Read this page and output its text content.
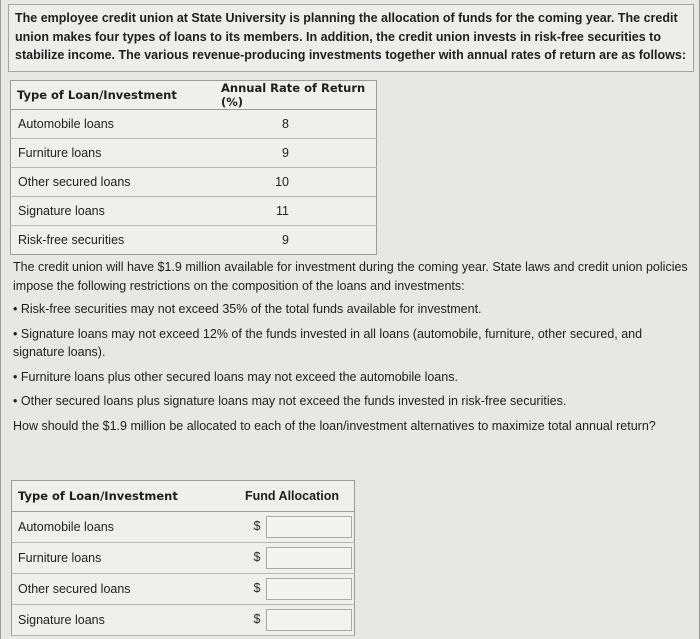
The employee credit union at State University is planning the allocation of funds for the coming year. The credit union makes four types of loans to its members. In addition, the credit union invests in risk-free securities to stabilize income. The various revenue-producing investments together with annual rates of return are as follows:
Type of Loan/Investment	Annual Rate of Return (%)
Automobile loans	8
Furniture loans	9
Other secured loans	10
Signature loans	11
Risk-free securities	9

The credit union will have $1.9 million available for investment during the coming year. State laws and credit union policies impose the following restrictions on the composition of the loans and investments:

• Risk-free securities may not exceed 35% of the total funds available for investment.

• Signature loans may not exceed 12% of the funds invested in all loans (automobile, furniture, other secured, and signature loans).

• Furniture loans plus other secured loans may not exceed the automobile loans.

• Other secured loans plus signature loans may not exceed the funds invested in risk-free securities.

How should the $1.9 million be allocated to each of the loan/investment alternatives to maximize total annual return?

Type of Loan/Investment	Fund Allocation
Automobile loans	$
Furniture loans	$
Other secured loans	$
Signature loans	$
